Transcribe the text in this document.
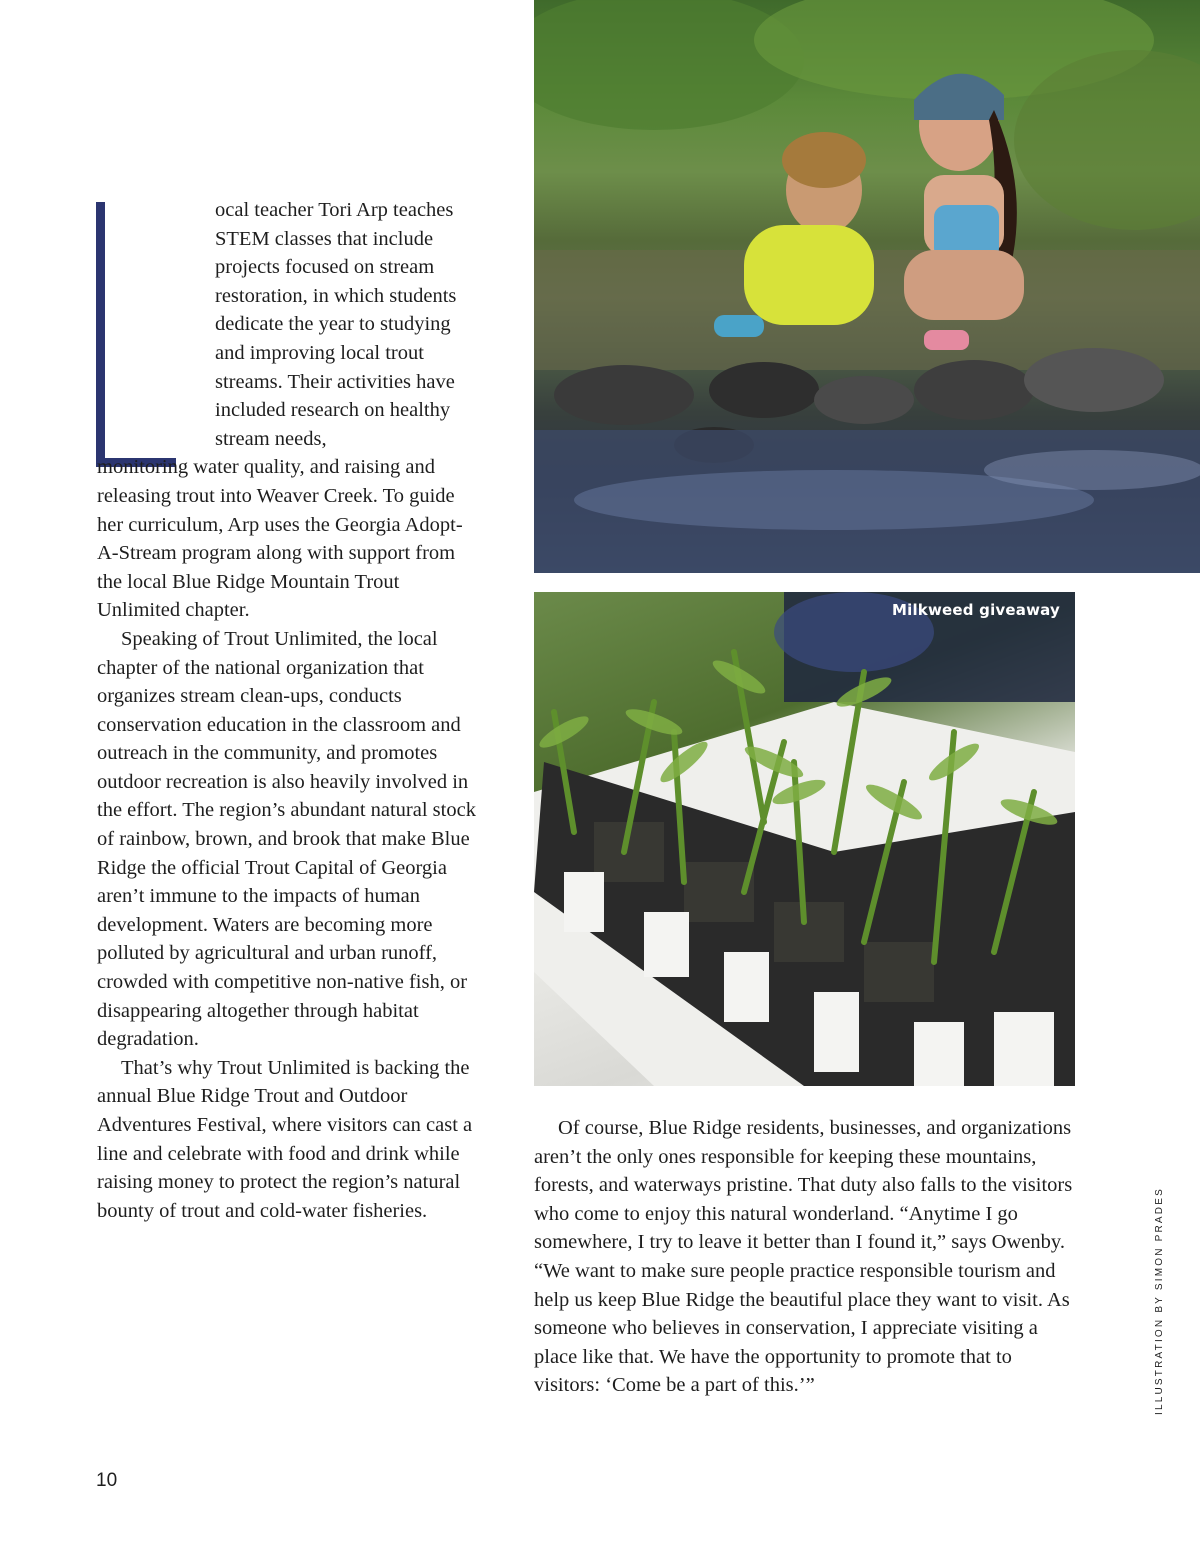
ocal teacher Tori Arp teaches STEM classes that include projects focused on stream restoration, in which students dedicate the year to studying and improving local trout streams. Their activities have included research on healthy stream needs,

monitoring water quality, and raising and releasing trout into Weaver Creek. To guide her curriculum, Arp uses the Georgia Adopt-A-Stream program along with support from the local Blue Ridge Mountain Trout Unlimited chapter.

Speaking of Trout Unlimited, the local chapter of the national organization that organizes stream clean-ups, conducts conservation education in the classroom and outreach in the community, and promotes outdoor recreation is also heavily involved in the effort. The region’s abundant natural stock of rainbow, brown, and brook that make Blue Ridge the official Trout Capital of Georgia aren’t immune to the impacts of human development. Waters are becoming more polluted by agricultural and urban runoff, crowded with competitive non-native fish, or disappearing altogether through habitat degradation.

That’s why Trout Unlimited is backing the annual Blue Ridge Trout and Outdoor Adventures Festival, where visitors can cast a line and celebrate with food and drink while raising money to protect the region’s natural bounty of trout and cold-water fisheries.

Milkweed giveaway

Of course, Blue Ridge residents, businesses, and organizations aren’t the only ones responsible for keeping these mountains, forests, and waterways pristine. That duty also falls to the visitors who come to enjoy this natural wonderland. “Anytime I go somewhere, I try to leave it better than I found it,” says Owenby. “We want to make sure people practice responsible tourism and help us keep Blue Ridge the beautiful place they want to visit. As someone who believes in conservation, I appreciate visiting a place like that. We have the opportunity to promote that to visitors: ‘Come be a part of this.’”

10
ILLUSTRATION BY SIMON PRADES
